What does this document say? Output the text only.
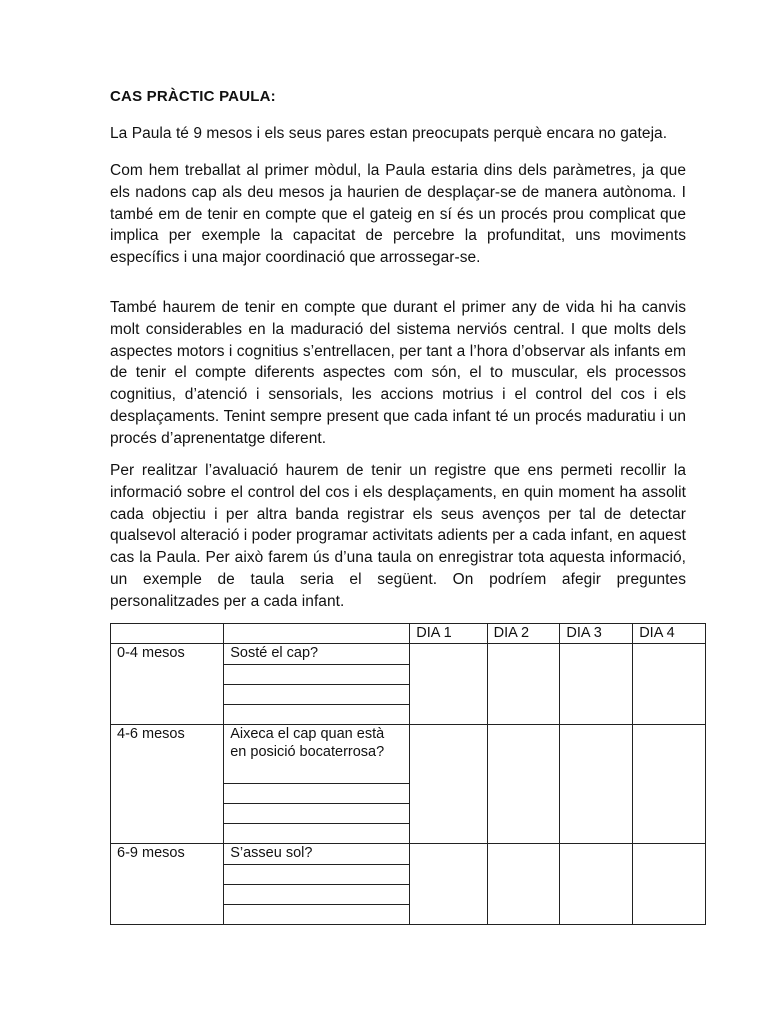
CAS PRÀCTIC PAULA:

La Paula té 9 mesos i els seus pares estan preocupats perquè encara no gateja.

Com hem treballat al primer mòdul, la Paula estaria dins dels paràmetres, ja que els nadons cap als deu mesos ja haurien de desplaçar-se de manera autònoma. I també em de tenir en compte que el gateig en sí és un procés prou complicat que implica per exemple la capacitat de percebre la profunditat, uns moviments específics i una major coordinació que arrossegar-se.

També haurem de tenir en compte que durant el primer any de vida hi ha canvis molt considerables en la maduració del sistema nerviós central. I que molts dels aspectes motors i cognitius s’entrellacen, per tant a l’hora d’observar als infants em de tenir el compte diferents aspectes com són, el to muscular, els processos cognitius, d’atenció i sensorials, les accions motrius i el control del cos i els desplaçaments. Tenint sempre present que cada infant té un procés maduratiu i un procés d’aprenentatge diferent.

Per realitzar l’avaluació haurem de tenir un registre que ens permeti recollir la informació sobre el control del cos i els desplaçaments, en quin moment ha assolit cada objectiu i per altra banda registrar els seus avenços per tal de detectar qualsevol alteració i poder programar activitats adients per a cada infant, en aquest cas la Paula. Per això farem ús d’una taula on enregistrar tota aquesta informació, un exemple de taula seria el següent. On podríem afegir preguntes personalitzades per a cada infant.

		DIA 1	DIA 2	DIA 3	DIA 4
0-4 mesos	Sosté el cap?				

4-6 mesos	Aixeca el cap quan està en posició bocaterrosa?				

6-9 mesos	S’asseu sol?				
